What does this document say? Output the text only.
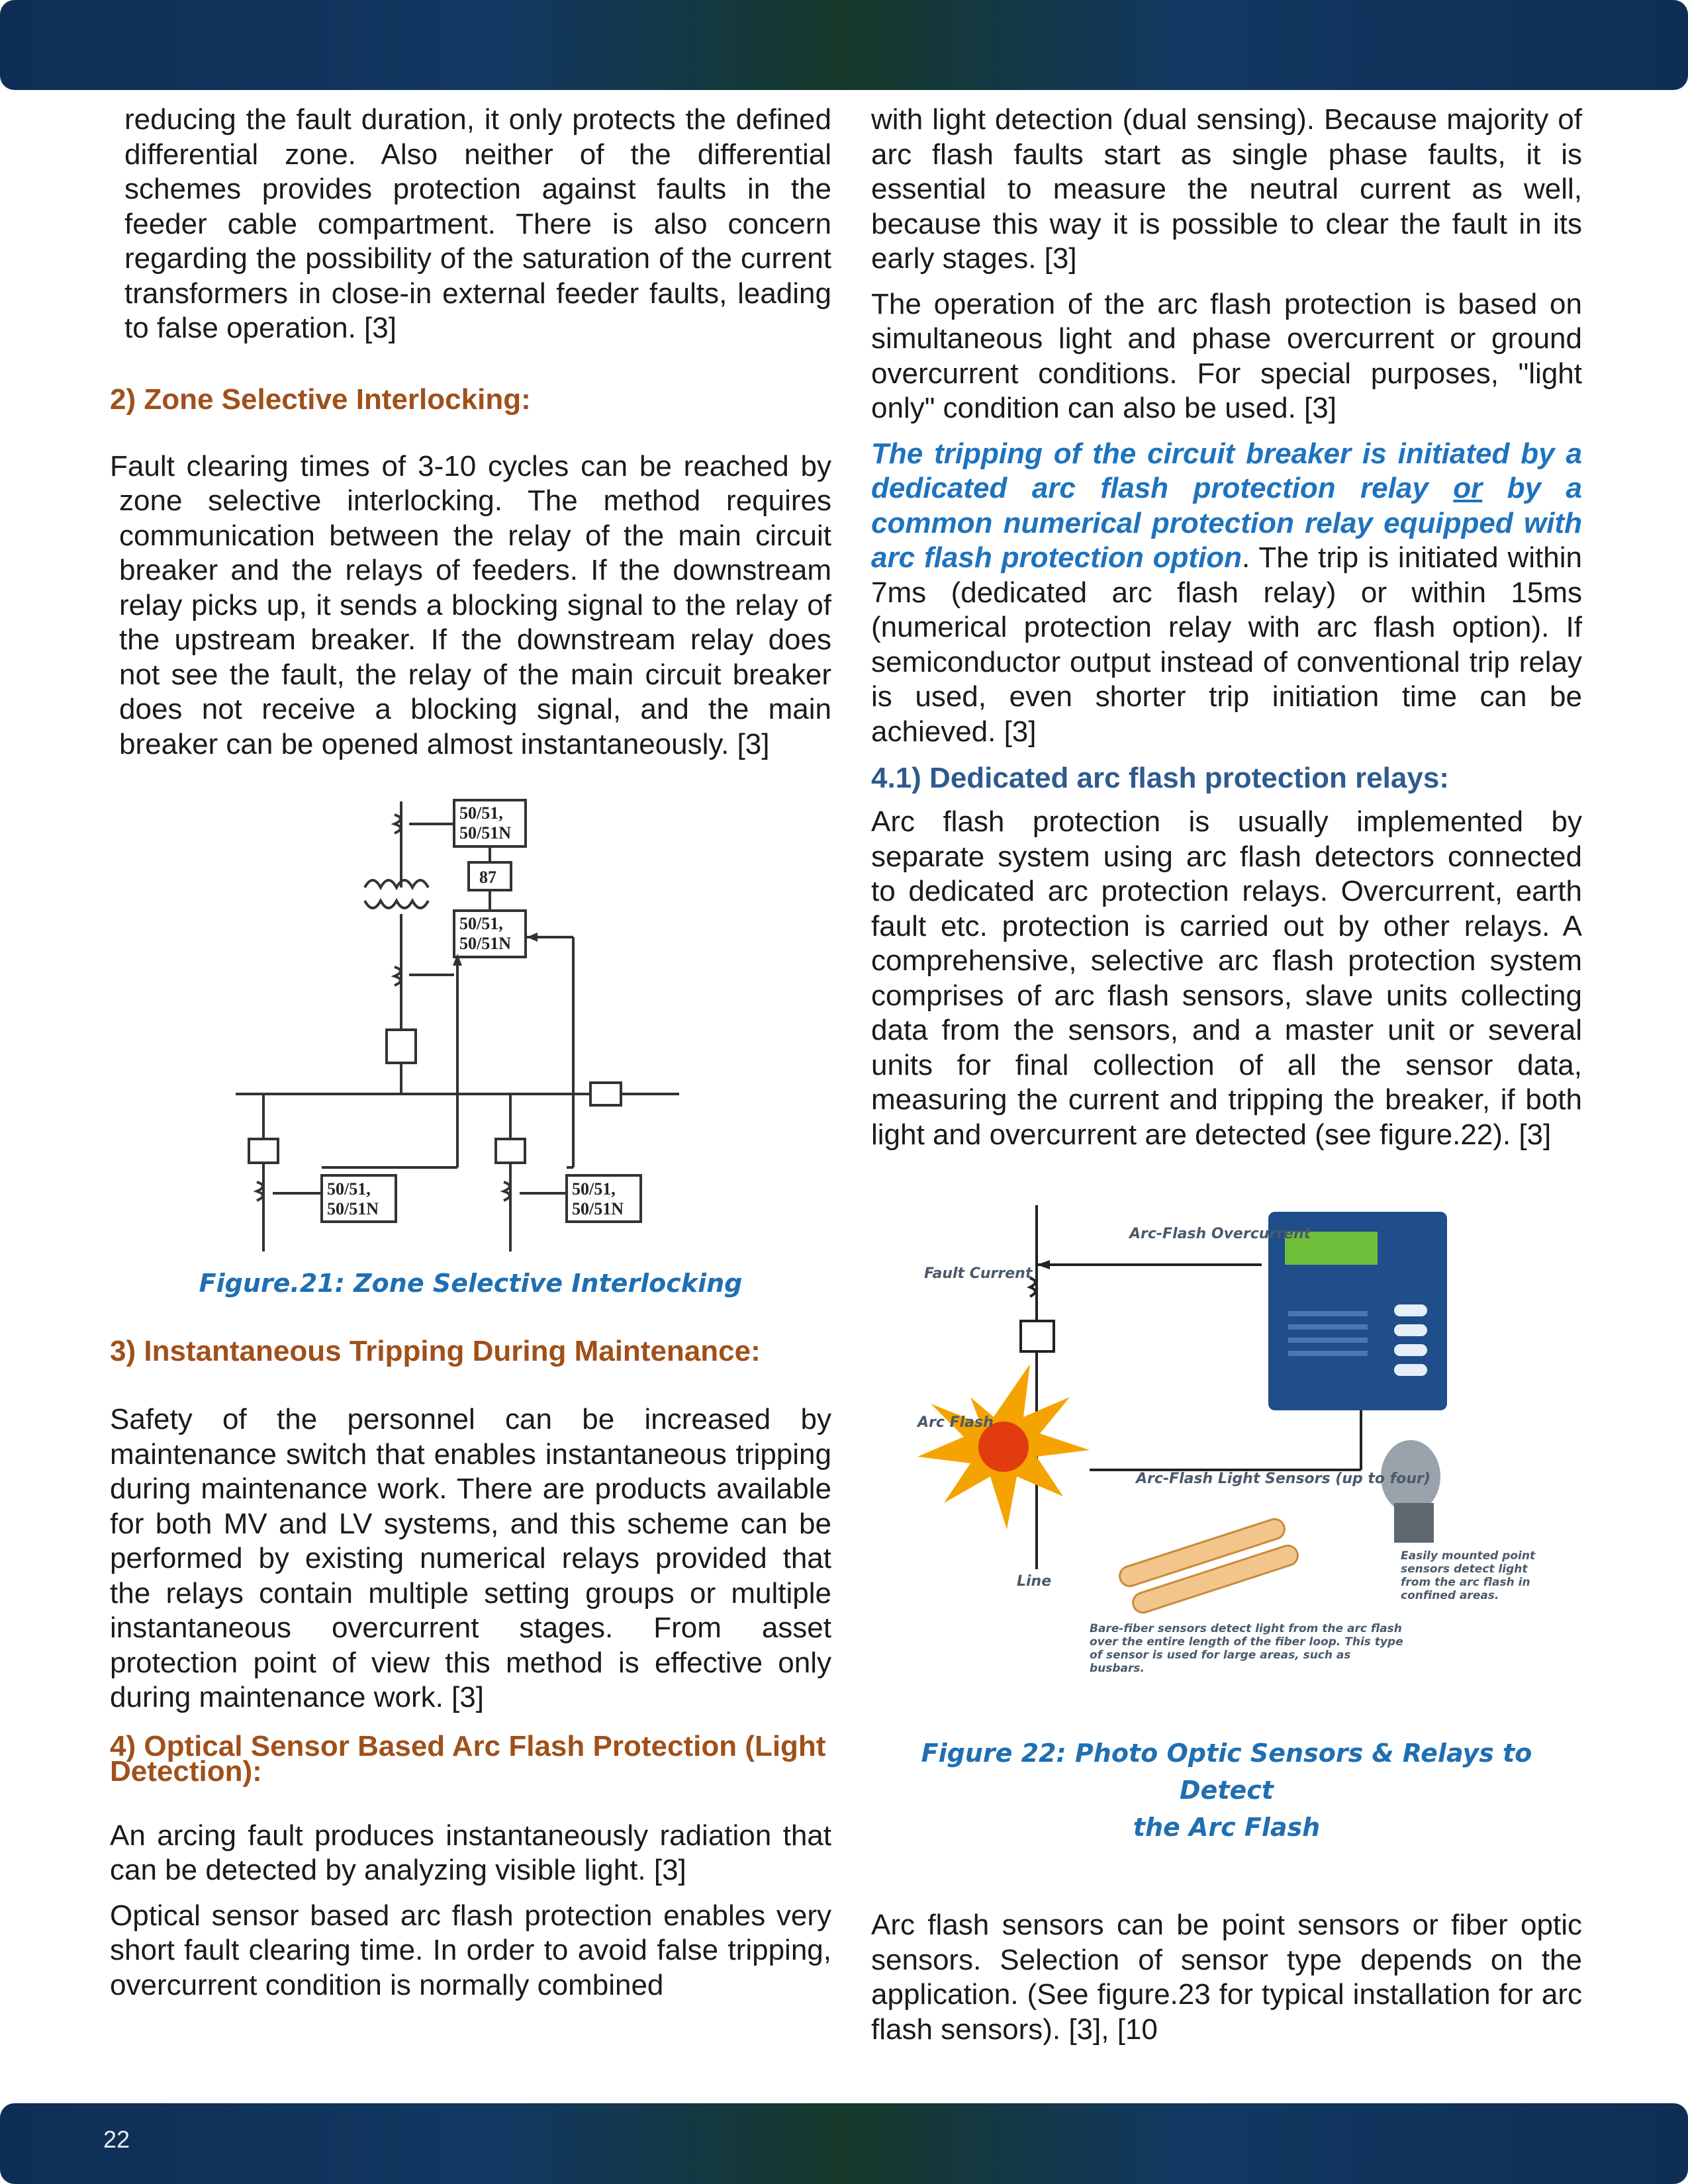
reducing the fault duration, it only protects the defined differential zone. Also neither of the differential schemes provides protection against faults in the feeder cable compartment. There is also concern regarding the possibility of the saturation of the current transformers in close-in external feeder faults, leading to false operation. [3]

2) Zone Selective Interlocking:

Fault clearing times of 3-10 cycles can be reached by zone selective interlocking. The method requires communication between the relay of the main circuit breaker and the relays of feeders. If the downstream relay picks up, it sends a blocking signal to the relay of the upstream breaker. If the downstream relay does not see the fault, the relay of the main circuit breaker does not receive a blocking signal, and the main breaker can be opened almost instantaneously. [3]

50/51,
50/51N
87
50/51,
50/51N
50/51,
50/51N
50/51,
50/51N
Figure.21: Zone Selective Interlocking
3) Instantaneous Tripping During Maintenance:

Safety of the personnel can be increased by maintenance switch that enables instantaneous tripping during maintenance work. There are products available for both MV and LV systems, and this scheme can be performed by existing numerical relays provided that the relays contain multiple setting groups or multiple instantaneous overcurrent stages. From asset protection point of view this method is effective only during maintenance work. [3]

4) Optical Sensor Based Arc Flash Protection (Light Detection):

An arcing fault produces instantaneously radiation that can be detected by analyzing visible light. [3]

Optical sensor based arc flash protection enables very short fault clearing time. In order to avoid false tripping, overcurrent condition is normally combined

with light detection (dual sensing). Because majority of arc flash faults start as single phase faults, it is essential to measure the neutral current as well, because this way it is possible to clear the fault in its early stages. [3]

The operation of the arc flash protection is based on simultaneous light and phase overcurrent or ground overcurrent conditions. For special purposes, "light only" condition can also be used. [3]

The tripping of the circuit breaker is initiated by a dedicated arc flash protection relay or by a common numerical protection relay equipped with arc flash protection option. The trip is initiated within 7ms (dedicated arc flash relay) or within 15ms (numerical protection relay with arc flash option). If semiconductor output instead of conventional trip relay is used, even shorter trip initiation time can be achieved. [3]

4.1) Dedicated arc flash protection relays:

Arc flash protection is usually implemented by separate system using arc flash detectors connected to dedicated arc protection relays. Overcurrent, earth fault etc. protection is carried out by other relays. A comprehensive, selective arc flash protection system comprises of arc flash sensors, slave units collecting data from the sensors, and a master unit or several units for final collection of all the sensor data, measuring the current and tripping the breaker, if both light and overcurrent are detected (see figure.22). [3]

Arc-Flash Overcurrent
Fault Current
Arc Flash
Arc-Flash Light Sensors (up to four)
Line
Easily mounted point sensors detect light from the arc flash in confined areas.
Bare-fiber sensors detect light from the arc flash over the entire length of the fiber loop. This type of sensor is used for large areas, such as busbars.
Figure 22: Photo Optic Sensors & Relays to Detect
the Arc Flash

Arc flash sensors can be point sensors or fiber optic sensors. Selection of sensor type depends on the application. (See figure.23 for typical installation for arc flash sensors). [3], [10

22
